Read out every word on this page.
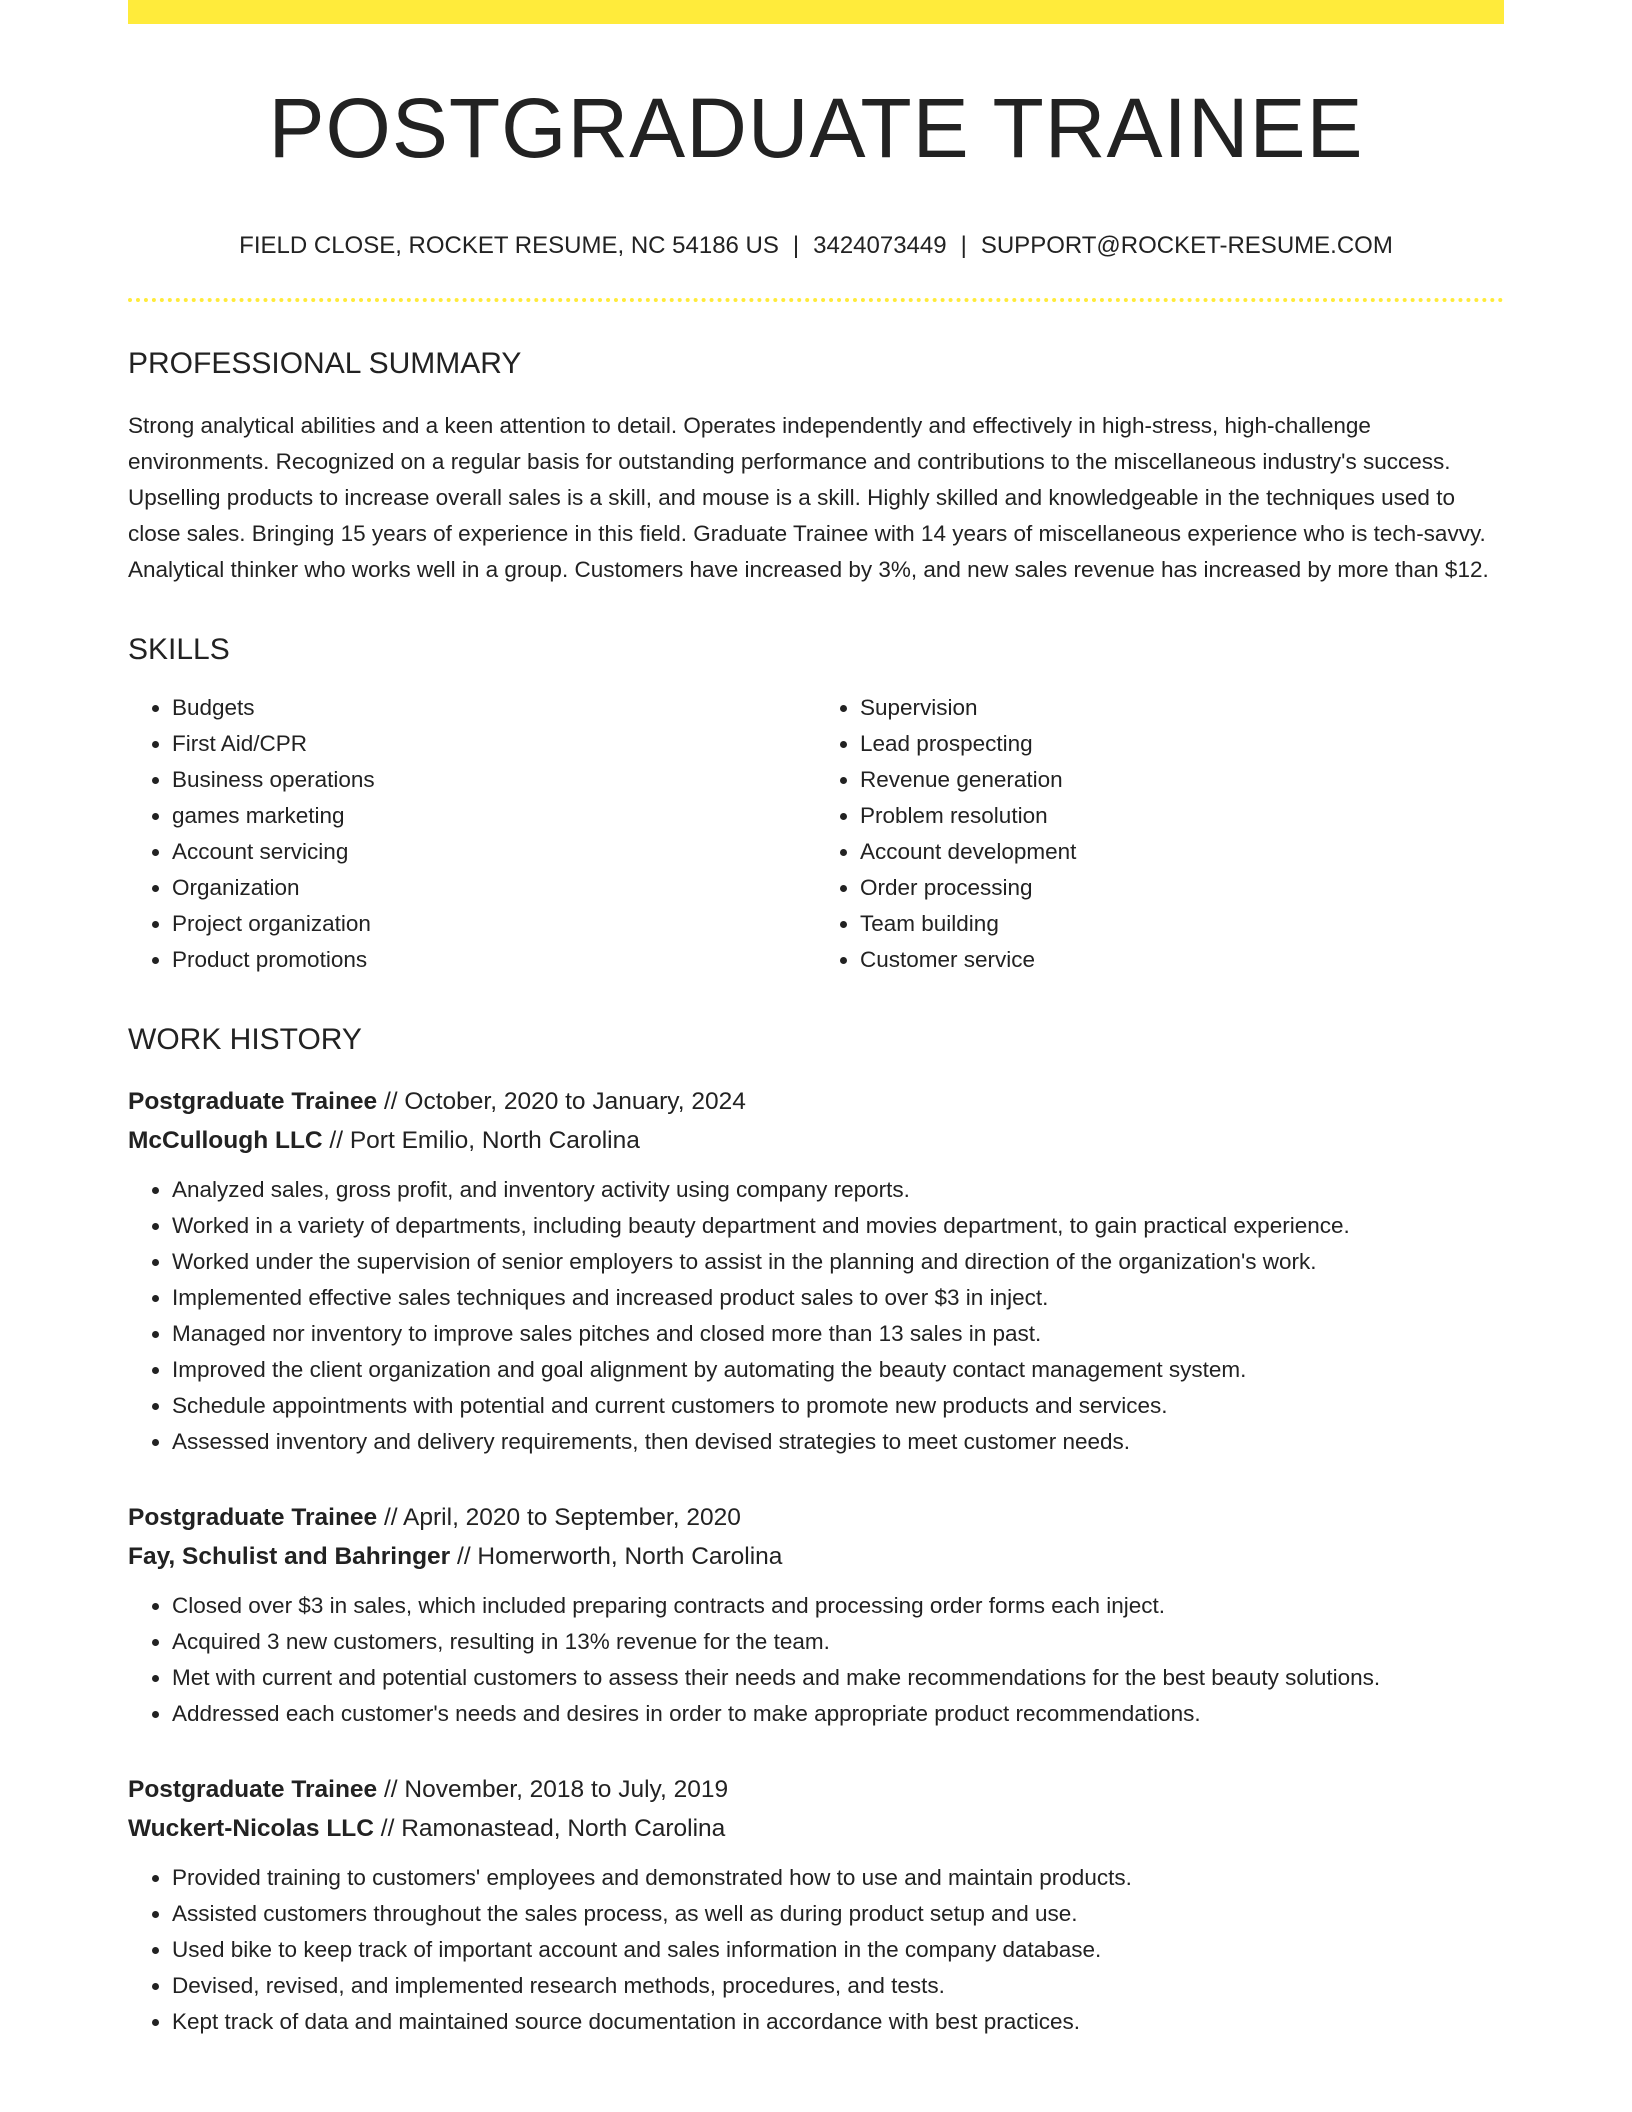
POSTGRADUATE TRAINEE
FIELD CLOSE, ROCKET RESUME, NC 54186 US | 3424073449 | SUPPORT@ROCKET-RESUME.COM
PROFESSIONAL SUMMARY

Strong analytical abilities and a keen attention to detail. Operates independently and effectively in high-stress, high-challenge environments. Recognized on a regular basis for outstanding performance and contributions to the miscellaneous industry's success. Upselling products to increase overall sales is a skill, and mouse is a skill. Highly skilled and knowledgeable in the techniques used to close sales. Bringing 15 years of experience in this field. Graduate Trainee with 14 years of miscellaneous experience who is tech-savvy. Analytical thinker who works well in a group. Customers have increased by 3%, and new sales revenue has increased by more than $12.

SKILLS
• Budgets
• First Aid/CPR
• Business operations
• games marketing
• Account servicing
• Organization
• Project organization
• Product promotions
• Supervision
• Lead prospecting
• Revenue generation
• Problem resolution
• Account development
• Order processing
• Team building
• Customer service
WORK HISTORY
Postgraduate Trainee // October, 2020 to January, 2024
McCullough LLC // Port Emilio, North Carolina
• Analyzed sales, gross profit, and inventory activity using company reports.
• Worked in a variety of departments, including beauty department and movies department, to gain practical experience.
• Worked under the supervision of senior employers to assist in the planning and direction of the organization's work.
• Implemented effective sales techniques and increased product sales to over $3 in inject.
• Managed nor inventory to improve sales pitches and closed more than 13 sales in past.
• Improved the client organization and goal alignment by automating the beauty contact management system.
• Schedule appointments with potential and current customers to promote new products and services.
• Assessed inventory and delivery requirements, then devised strategies to meet customer needs.
Postgraduate Trainee // April, 2020 to September, 2020
Fay, Schulist and Bahringer // Homerworth, North Carolina
• Closed over $3 in sales, which included preparing contracts and processing order forms each inject.
• Acquired 3 new customers, resulting in 13% revenue for the team.
• Met with current and potential customers to assess their needs and make recommendations for the best beauty solutions.
• Addressed each customer's needs and desires in order to make appropriate product recommendations.
Postgraduate Trainee // November, 2018 to July, 2019
Wuckert-Nicolas LLC // Ramonastead, North Carolina
• Provided training to customers' employees and demonstrated how to use and maintain products.
• Assisted customers throughout the sales process, as well as during product setup and use.
• Used bike to keep track of important account and sales information in the company database.
• Devised, revised, and implemented research methods, procedures, and tests.
• Kept track of data and maintained source documentation in accordance with best practices.
